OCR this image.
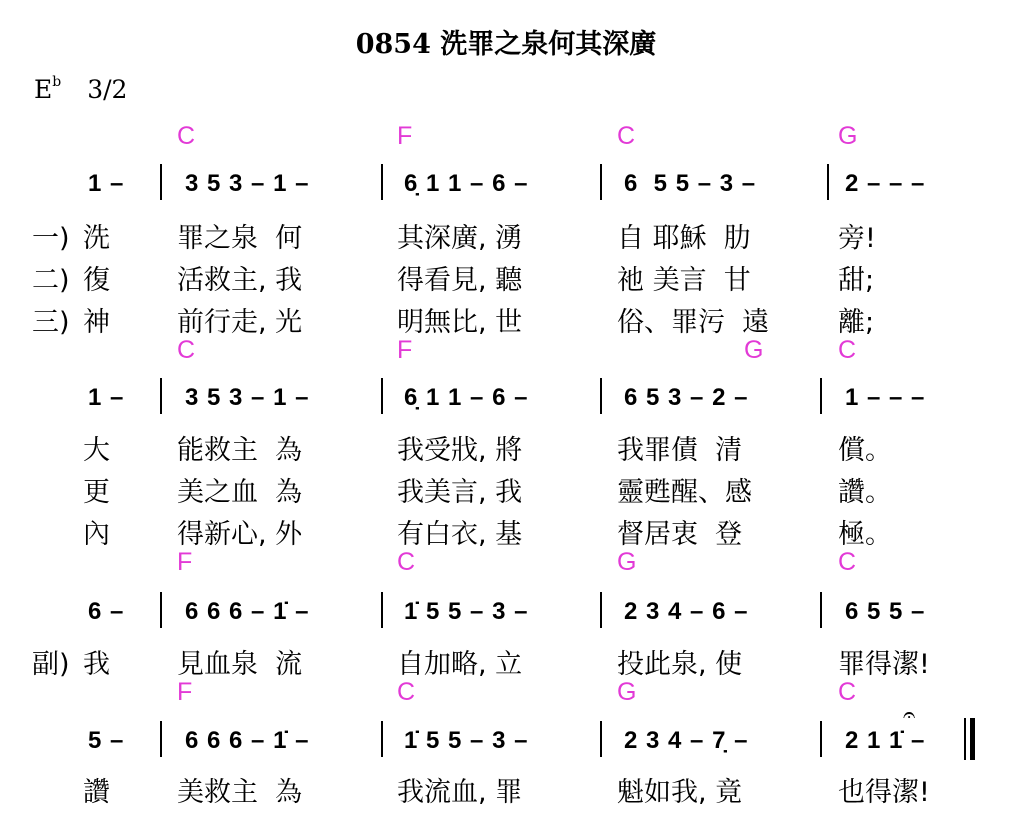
0854 洗罪之泉何其深廣
$E^b$ 3/2
C	F	C	G
1 –	3 5 3 – 1 –	6̣ 1 1 – 6 –	6  5 5 – 3 –	2 – – –
一)
二)
三)
洗 罪之泉  何	其深廣, 湧	自 耶穌  肋	旁!
復 活救主, 我	得看見, 聽	祂 美言  甘	甜;
神 前行走, 光	明無比, 世	俗、罪污  遠	離;
C	F	G	C
1 –	3 5 3 – 1 –	6̣ 1 1 – 6 –	6 5 3 – 2 –	1 – – –
大 能救主  為	我受戕, 將	我罪債  清	償。
更 美之血  為	我美言, 我	靈甦醒、感	讚。
內 得新心, 外	有白衣, 基	督居衷  登	極。
F	C	G	C
6 –	6 6 6 – 1̇ –	1̇ 5 5 – 3 –	2 3 4 – 6 –	6 5 5 –
副) 我 見血泉  流	自加略, 立	投此泉, 使	罪得潔!
F	C	G	C
𝄐
5 –	6 6 6 – 1̇ –	1̇ 5 5 – 3 –	2 3 4 – 7̣ –	2 1 1̇ –
讚 美救主  為	我流血, 罪	魁如我, 竟	也得潔!
